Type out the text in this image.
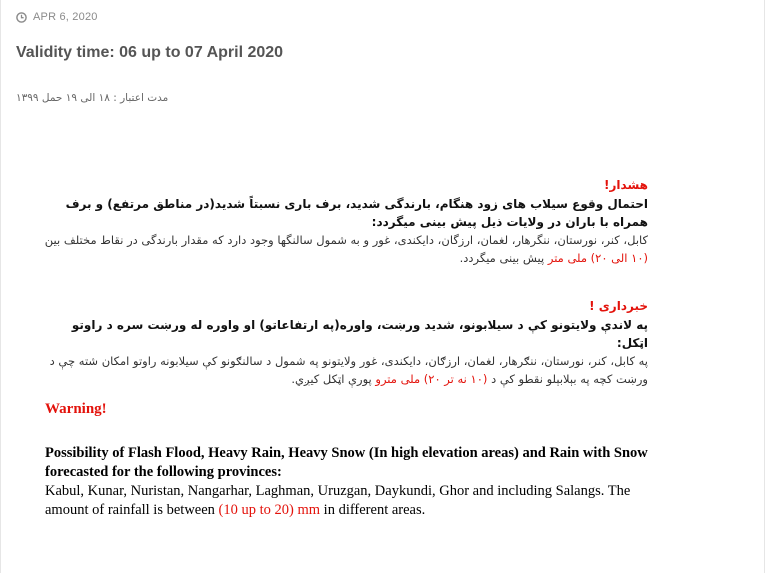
APR 6, 2020
Validity time: 06 up to 07 April 2020
مدت اعتبار : ۱۸ الی ۱۹ حمل ۱۳۹۹
هشدار!
احتمال وقوع سیلاب های زود هنگام، بارندگی شدید، برف باری نسبتاً شدید(در مناطق مرتفع) و برف همراه با باران در ولایات ذیل پیش بینی میگردد:
کابل، کنر، نورستان، ننگرهار، لغمان، ارزگان، دایکندی، غور و به شمول سالنگها وجود دارد که مقدار بارندگی در نقاط مختلف بین (۱۰ الی ۲۰) ملی متر پیش بینی میگردد.
خبرداری !
په لاندې ولایتونو کې د سیلابونو، شدید ورښت، واوره(په ارتفاعاتو) او واوره له ورښت سره د راوتو اټکل:
په کابل، کنر، نورستان، ننګرهار، لغمان، ارزګان، دایکندی، غور ولایتونو په شمول د سالنګونو کې سیلابونه راوتو امکان شته چې د ورښت کچه په بېلابېلو نقطو کې د (۱۰ نه تر ۲۰) ملی مترو پورې اټکل کیږي.
Warning!

Possibility of Flash Flood, Heavy Rain, Heavy Snow (In high elevation areas) and Rain with Snow forecasted for the following provinces:

Kabul, Kunar, Nuristan, Nangarhar, Laghman, Uruzgan, Daykundi, Ghor and including Salangs. The amount of rainfall is between (10 up to 20) mm in different areas.
